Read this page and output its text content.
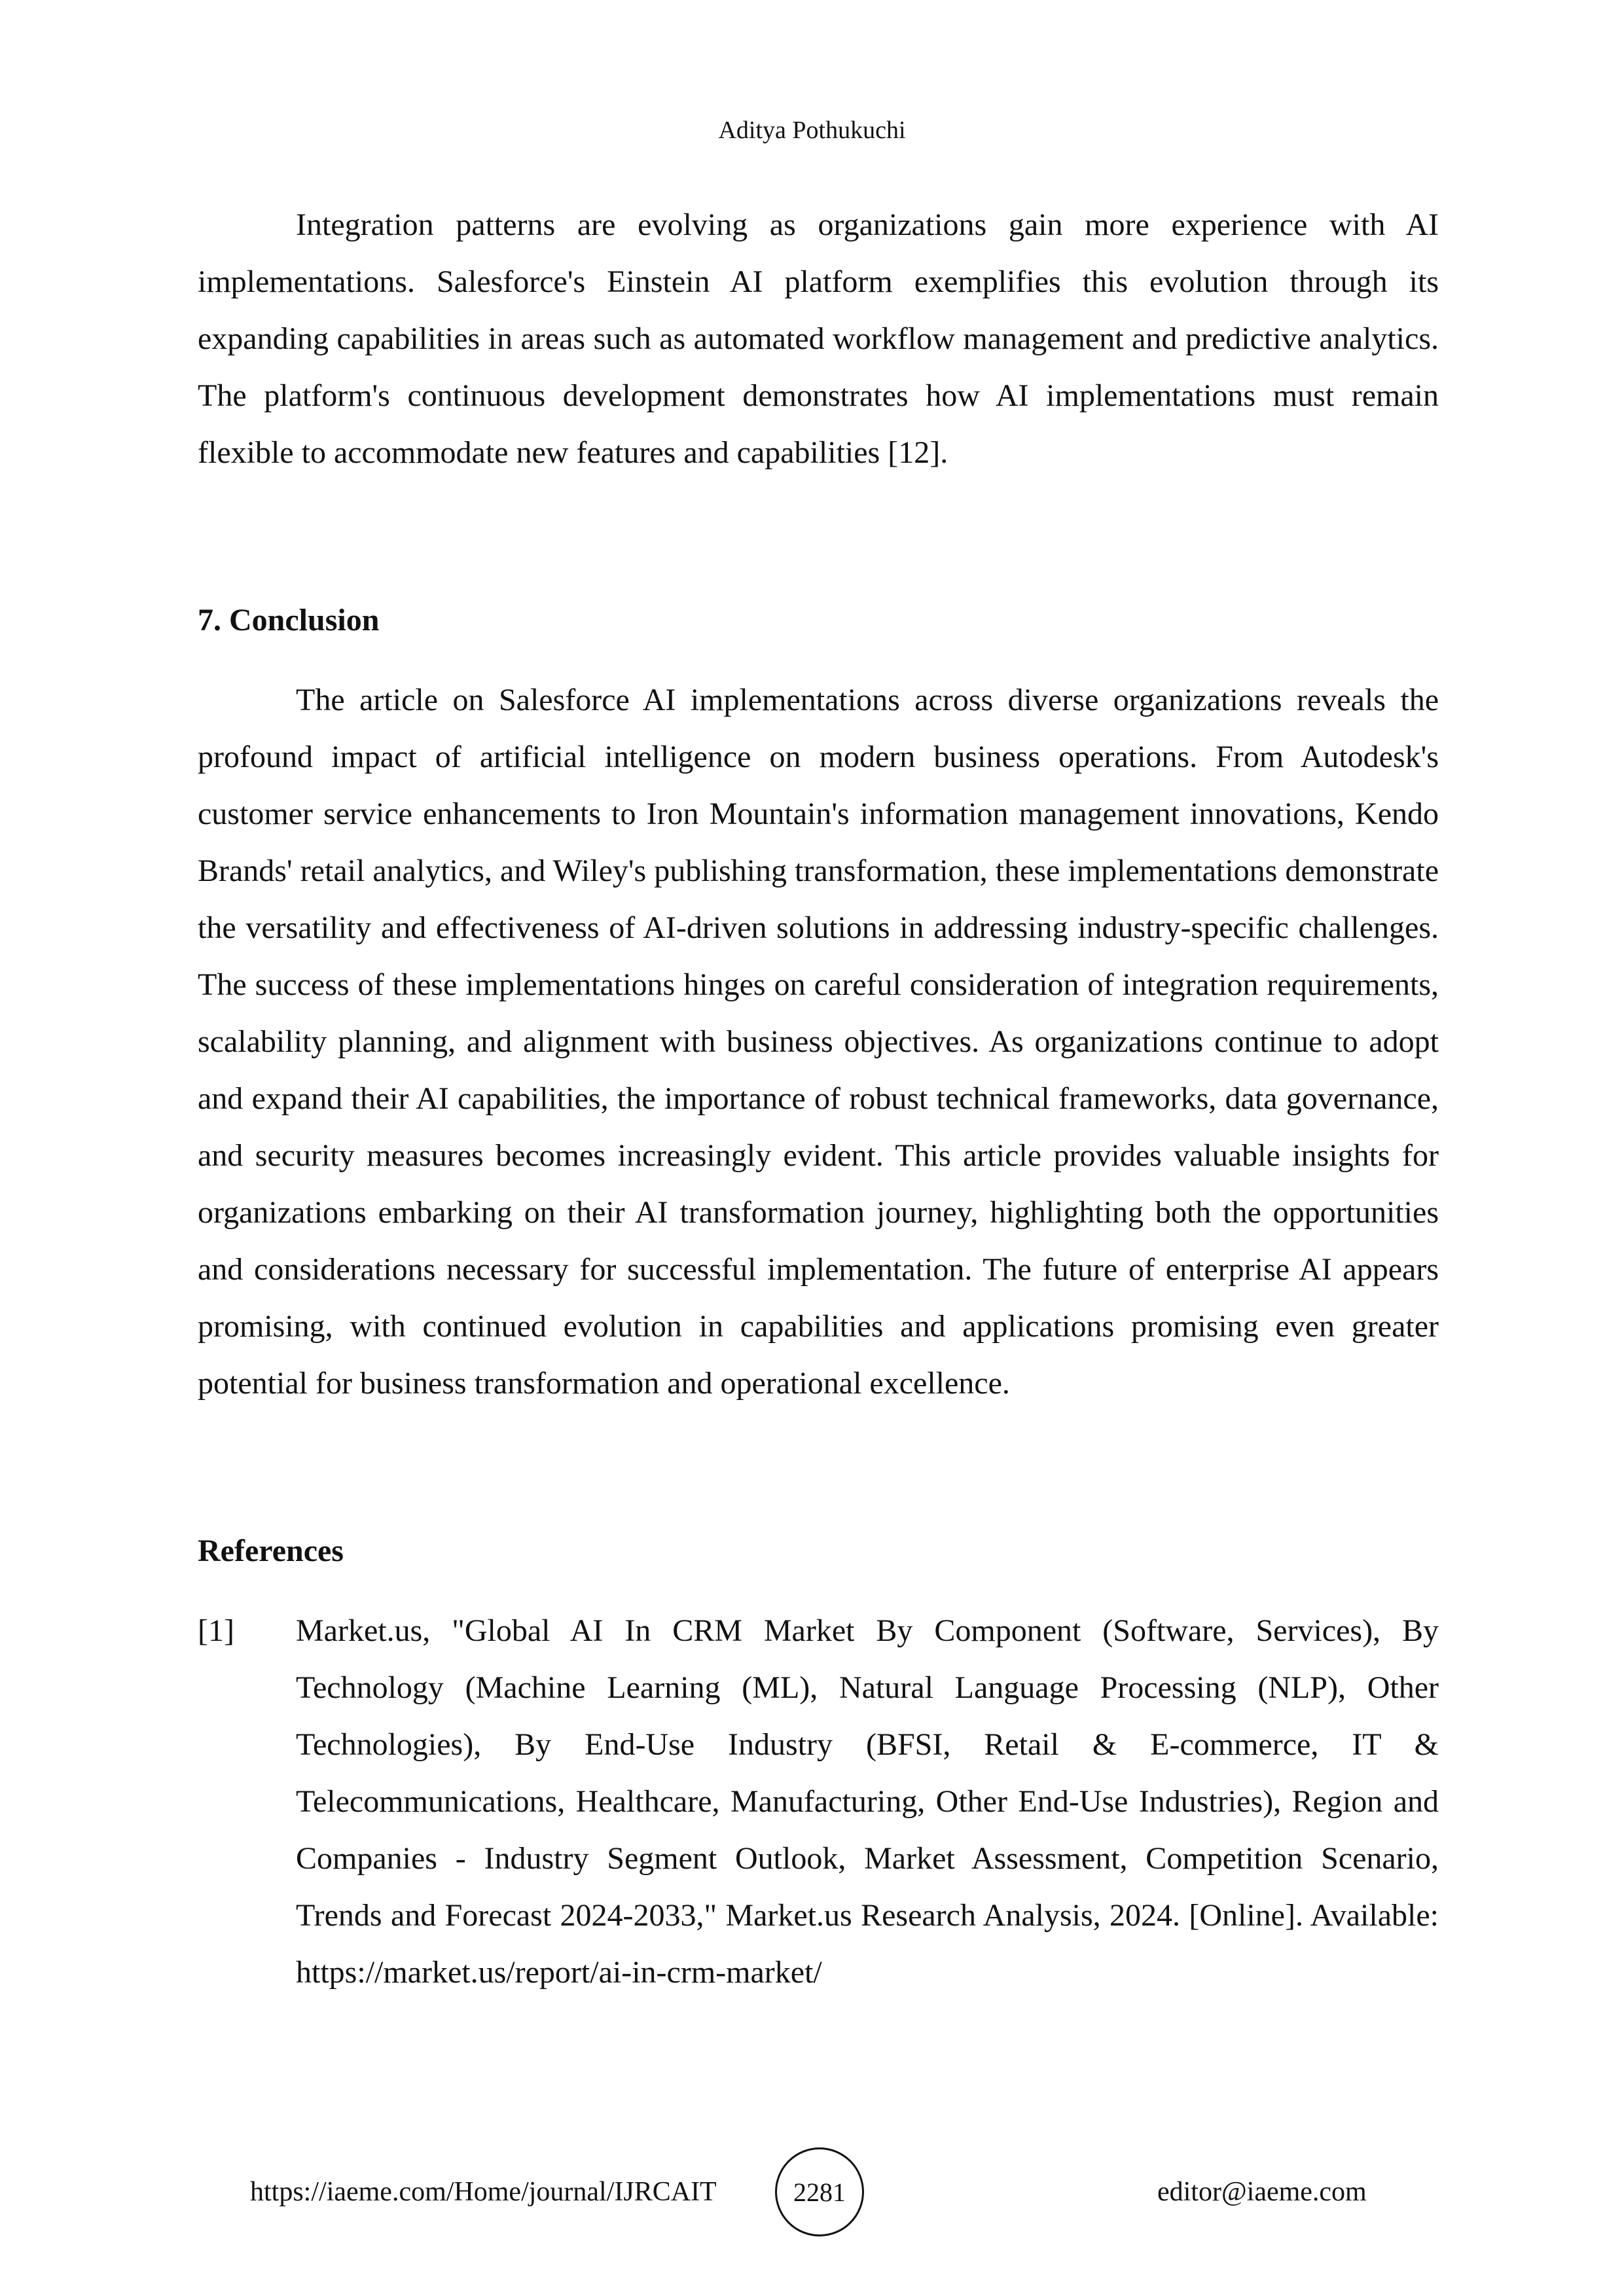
Aditya Pothukuchi

Integration patterns are evolving as organizations gain more experience with AI implementations. Salesforce's Einstein AI platform exemplifies this evolution through its expanding capabilities in areas such as automated workflow management and predictive analytics. The platform's continuous development demonstrates how AI implementations must remain flexible to accommodate new features and capabilities [12].

7. Conclusion

The article on Salesforce AI implementations across diverse organizations reveals the profound impact of artificial intelligence on modern business operations. From Autodesk's customer service enhancements to Iron Mountain's information management innovations, Kendo Brands' retail analytics, and Wiley's publishing transformation, these implementations demonstrate the versatility and effectiveness of AI-driven solutions in addressing industry-specific challenges. The success of these implementations hinges on careful consideration of integration requirements, scalability planning, and alignment with business objectives. As organizations continue to adopt and expand their AI capabilities, the importance of robust technical frameworks, data governance, and security measures becomes increasingly evident. This article provides valuable insights for organizations embarking on their AI transformation journey, highlighting both the opportunities and considerations necessary for successful implementation. The future of enterprise AI appears promising, with continued evolution in capabilities and applications promising even greater potential for business transformation and operational excellence.

References
[1]	Market.us, "Global AI In CRM Market By Component (Software, Services), By Technology (Machine Learning (ML), Natural Language Processing (NLP), Other Technologies), By End-Use Industry (BFSI, Retail & E-commerce, IT & Telecommunications, Healthcare, Manufacturing, Other End-Use Industries), Region and Companies - Industry Segment Outlook, Market Assessment, Competition Scenario, Trends and Forecast 2024-2033," Market.us Research Analysis, 2024. [Online]. Available: https://market.us/report/ai-in-crm-market/
https://iaeme.com/Home/journal/IJRCAIT	2281	editor@iaeme.com
